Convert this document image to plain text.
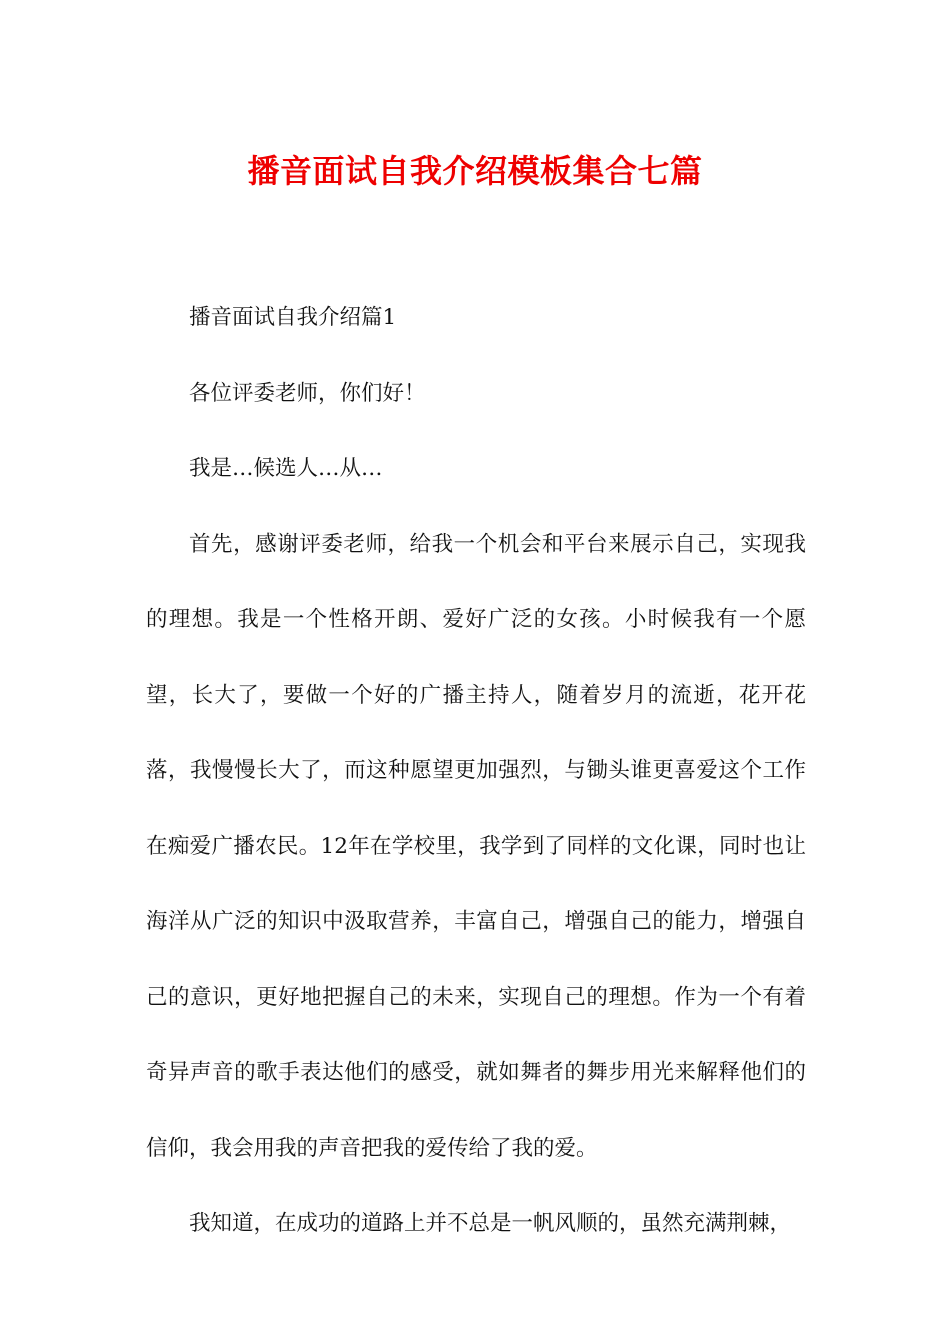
播音面试自我介绍模板集合七篇

播音面试自我介绍篇1

各位评委老师，你们好！

我是…候选人…从…

首先，感谢评委老师，给我一个机会和平台来展示自己，实现我的理想。我是一个性格开朗、爱好广泛的女孩。小时候我有一个愿望，长大了，要做一个好的广播主持人，随着岁月的流逝，花开花落，我慢慢长大了，而这种愿望更加强烈，与锄头谁更喜爱这个工作在痴爱广播农民。12年在学校里，我学到了同样的文化课，同时也让海洋从广泛的知识中汲取营养，丰富自己，增强自己的能力，增强自己的意识，更好地把握自己的未来，实现自己的理想。作为一个有着奇异声音的歌手表达他们的感受，就如舞者的舞步用光来解释他们的信仰，我会用我的声音把我的爱传给了我的爱。

我知道，在成功的道路上并不总是一帆风顺的，虽然充满荆棘，
